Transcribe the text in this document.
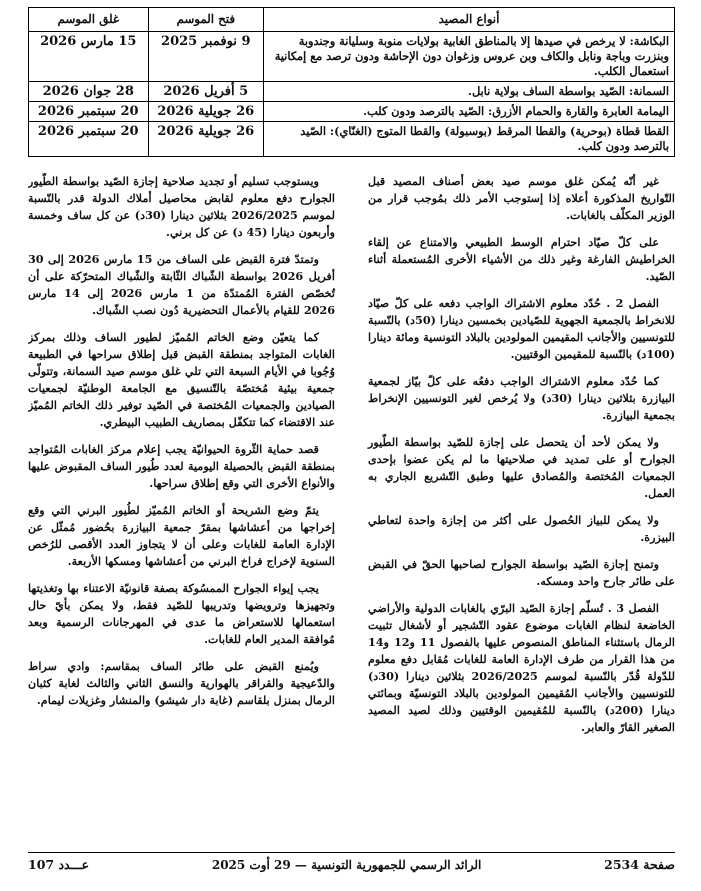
أنواع المصيد	فتح الموسم	غلق الموسم
البكاشة: لا يرخص في صيدها إلا بالمناطق الغابية بولايات منوبة وسليانة وجندوبة وبنزرت وباجة ونابل والكاف وبن عروس وزغوان دون الإحاشة ودون ترصد مع إمكانية استعمال الكلب.	9 نوفمبر 2025	15 مارس 2026
السمانة: الصّيد بواسطة الساف بولاية نابل.	5 أفريل 2026	28 جوان 2026
اليمامة العابرة والقارة والحمام الأزرق: الصّيد بالترصد ودون كلب.	26 جويلية 2026	20 سبتمبر 2026
القطا قطاة (بوحرية) والقطا المرقط (بوسبولة) والقطا المتوج (الغنّاي): الصّيد بالترصد ودون كلب.	26 جويلية 2026	20 سبتمبر 2026

غير أنّه يُمكن غلق موسم صيد بعض أصناف المصيد قبل التّواريخ المذكورة أعلاه إذا إستوجب الأمر ذلك بمُوجب قرار من الوزير المكلّف بالغابات.

على كلّ صيّاد احترام الوسط الطبيعي والامتناع عن إلقاء الخراطيش الفارغة وغير ذلك من الأشياء الأخرى المُستعملة أثناء الصّيد.

الفصل 2 . حُدّد معلوم الاشتراك الواجب دفعه على كلّ صيّاد للانخراط بالجمعية الجهوية للصّيادين بخمسين دينارا (50د) بالنّسبة للتونسيين والأجانب المقيمين المولودين بالبلاد التونسية ومائة دينارا (100د) بالنّسبة للمقيمين الوقتيين.

كما حُدّد معلوم الاشتراك الواجب دفعُه على كلّ بيّاز لجمعية البيازرة بثلاثين دينارا (30د) ولا يُرخص لغير التونسيين الإنخراط بجمعية البيازرة.

ولا يمكن لأحد أن يتحصل على إجازة للصّيد بواسطة الطّيور الجوارح أو على تمديد في صلاحيتها ما لم يكن عضوا بإحدى الجمعيات المُختصة والمُصادق عليها وطبق التّشريع الجاري به العمل.

ولا يمكن للبياز الحُصول على أكثر من إجازة واحدة لتعاطي البيزرة.

وتمنح إجازة الصّيد بواسطة الجوارح لصاحبها الحقّ في القبض على طائر جارح واحد ومسكه.

الفصل 3 . تُسلّم إجازة الصّيد البرّي بالغابات الدولية والأراضي الخاضعة لنظام الغابات موضوع عقود التّشجير أو لأشغال تثبيت الرمال باستثناء المناطق المنصوص عليها بالفصول 11 و12 و14 من هذا القرار من طرف الإدارة العامة للغابات مُقابل دفع معلوم للدّولة قُدّر بالنّسبة لموسم 2026/2025 بثلاثين دينارا (30د) للتونسيين والأجانب المُقيمين المولودين بالبلاد التونسيّة وبمائتي دينارا (200د) بالنّسبة للمُقيمين الوقتيين وذلك لصيد المصيد الصغير القارّ والعابر.

ويستوجب تسليم أو تجديد صلاحية إجازة الصّيد بواسطة الطّيور الجوارح دفع معلوم لقابض محاصيل أملاك الدولة قدر بالنّسبة لموسم 2026/2025 بثلاثين دينارا (30د) عن كل ساف وخمسة وأربعون دينارا (45 د) عن كل برني.

وتمتدّ فترة القبض على الساف من 15 مارس 2026 إلى 30 أفريل 2026 بواسطة الشّباك الثّابتة والشّباك المتحرّكة على أن تُخصّص الفترة المُمتدّة من 1 مارس 2026 إلى 14 مارس 2026 للقيام بالأعمال التحضيرية دُون نصب الشّباك.

كما يتعيّن وضع الخاتم المُميّز لطيور الساف وذلك بمركز الغابات المتواجد بمنطقة القبض قبل إطلاق سراحها في الطبيعة وُجُوبا في الأيام السبعة التي تلي غلق موسم صيد السمانة، وتتولّى جمعية بيئية مُختصّة بالتّنسيق مع الجامعة الوطنيّة لجمعيات الصيادين والجمعيات المُختصة في الصّيد توفير ذلك الخاتم المُميّز عند الاقتضاء كما تتكفّل بمصاريف الطبيب البيطري.

قصد حماية الثّروة الحيوانيّة يجب إعلام مركز الغابات المُتواجد بمنطقة القبض بالحصيلة اليومية لعدد طُيور الساف المقبوض عليها والأنواع الأخرى التي وقع إطلاق سراحها.

يتمّ وضع الشريحة أو الخاتم المُميّز لطُيور البرني التي وقع إخراجها من أعشاشها بمقرّ جمعية البيازرة بحُضور مُمثّل عن الإدارة العامة للغابات وعلى أن لا يتجاوز العدد الأقصى للرُخص السنوية لإخراج فراخ البرني من أعشاشها ومسكها الأربعة.

يجب إيواء الجوارح الممسُوكة بصفة قانونيّة الاعتناء بها وتغذيتها وتجهيزها وترويضها وتدريبها للصّيد فقط، ولا يمكن بأيّ حال استعمالها للاستعراض ما عدى في المهرجانات الرسمية وبعد مُوافقة المدير العام للغابات.

ويُمنع القبض على طائر الساف بمقاسم: وادي سراط والدّعيجية والقراقر بالهوارية والنسق الثاني والثالث لغابة كثبان الرمال بمنزل بلقاسم (غابة دار شيشو) والمنشار وغزيلات ليمام.

صفحة 2534
الرائد الرسمي للجمهورية التونسية — 29 أوت 2025
عـــدد 107
